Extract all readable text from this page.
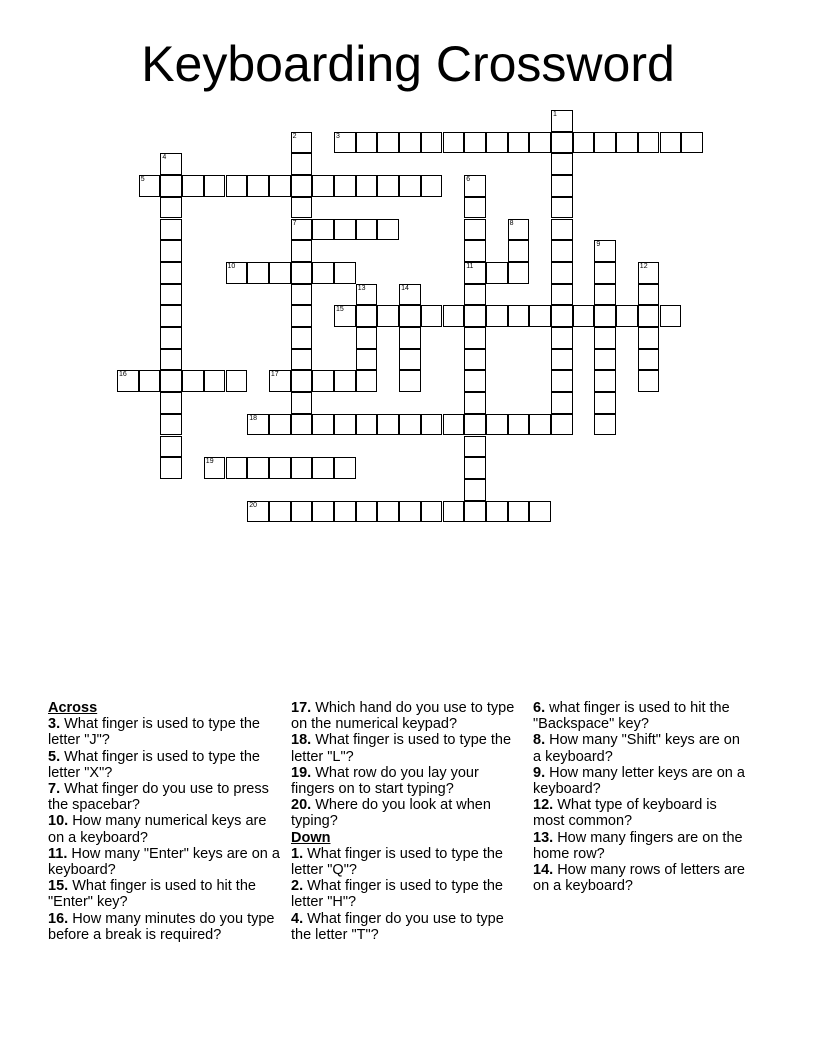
Keyboarding Crossword
1
2
7
3
4
5	6
11
8
9
10	12
13	14
15
16	17
18
19
20

Across

3. What finger is used to type the letter "J"?

5. What finger is used to type the letter "X"?

7. What finger do you use to press the spacebar?

10. How many numerical keys are on a keyboard?

11. How many "Enter" keys are on a keyboard?

15. What finger is used to hit the "Enter" key?

16. How many minutes do you type before a break is required?

17. Which hand do you use to type on the numerical keypad?

18. What finger is used to type the letter "L"?

19. What row do you lay your fingers on to start typing?

20. Where do you look at when typing?

Down

1. What finger is used to type the letter "Q"?

2. What finger is used to type the letter "H"?

4. What finger do you use to type the letter "T"?

6. what finger is used to hit the "Backspace" key?

8. How many "Shift" keys are on a keyboard?

9. How many letter keys are on a keyboard?

12. What type of keyboard is most common?

13. How many fingers are on the home row?

14. How many rows of letters are on a keyboard?
